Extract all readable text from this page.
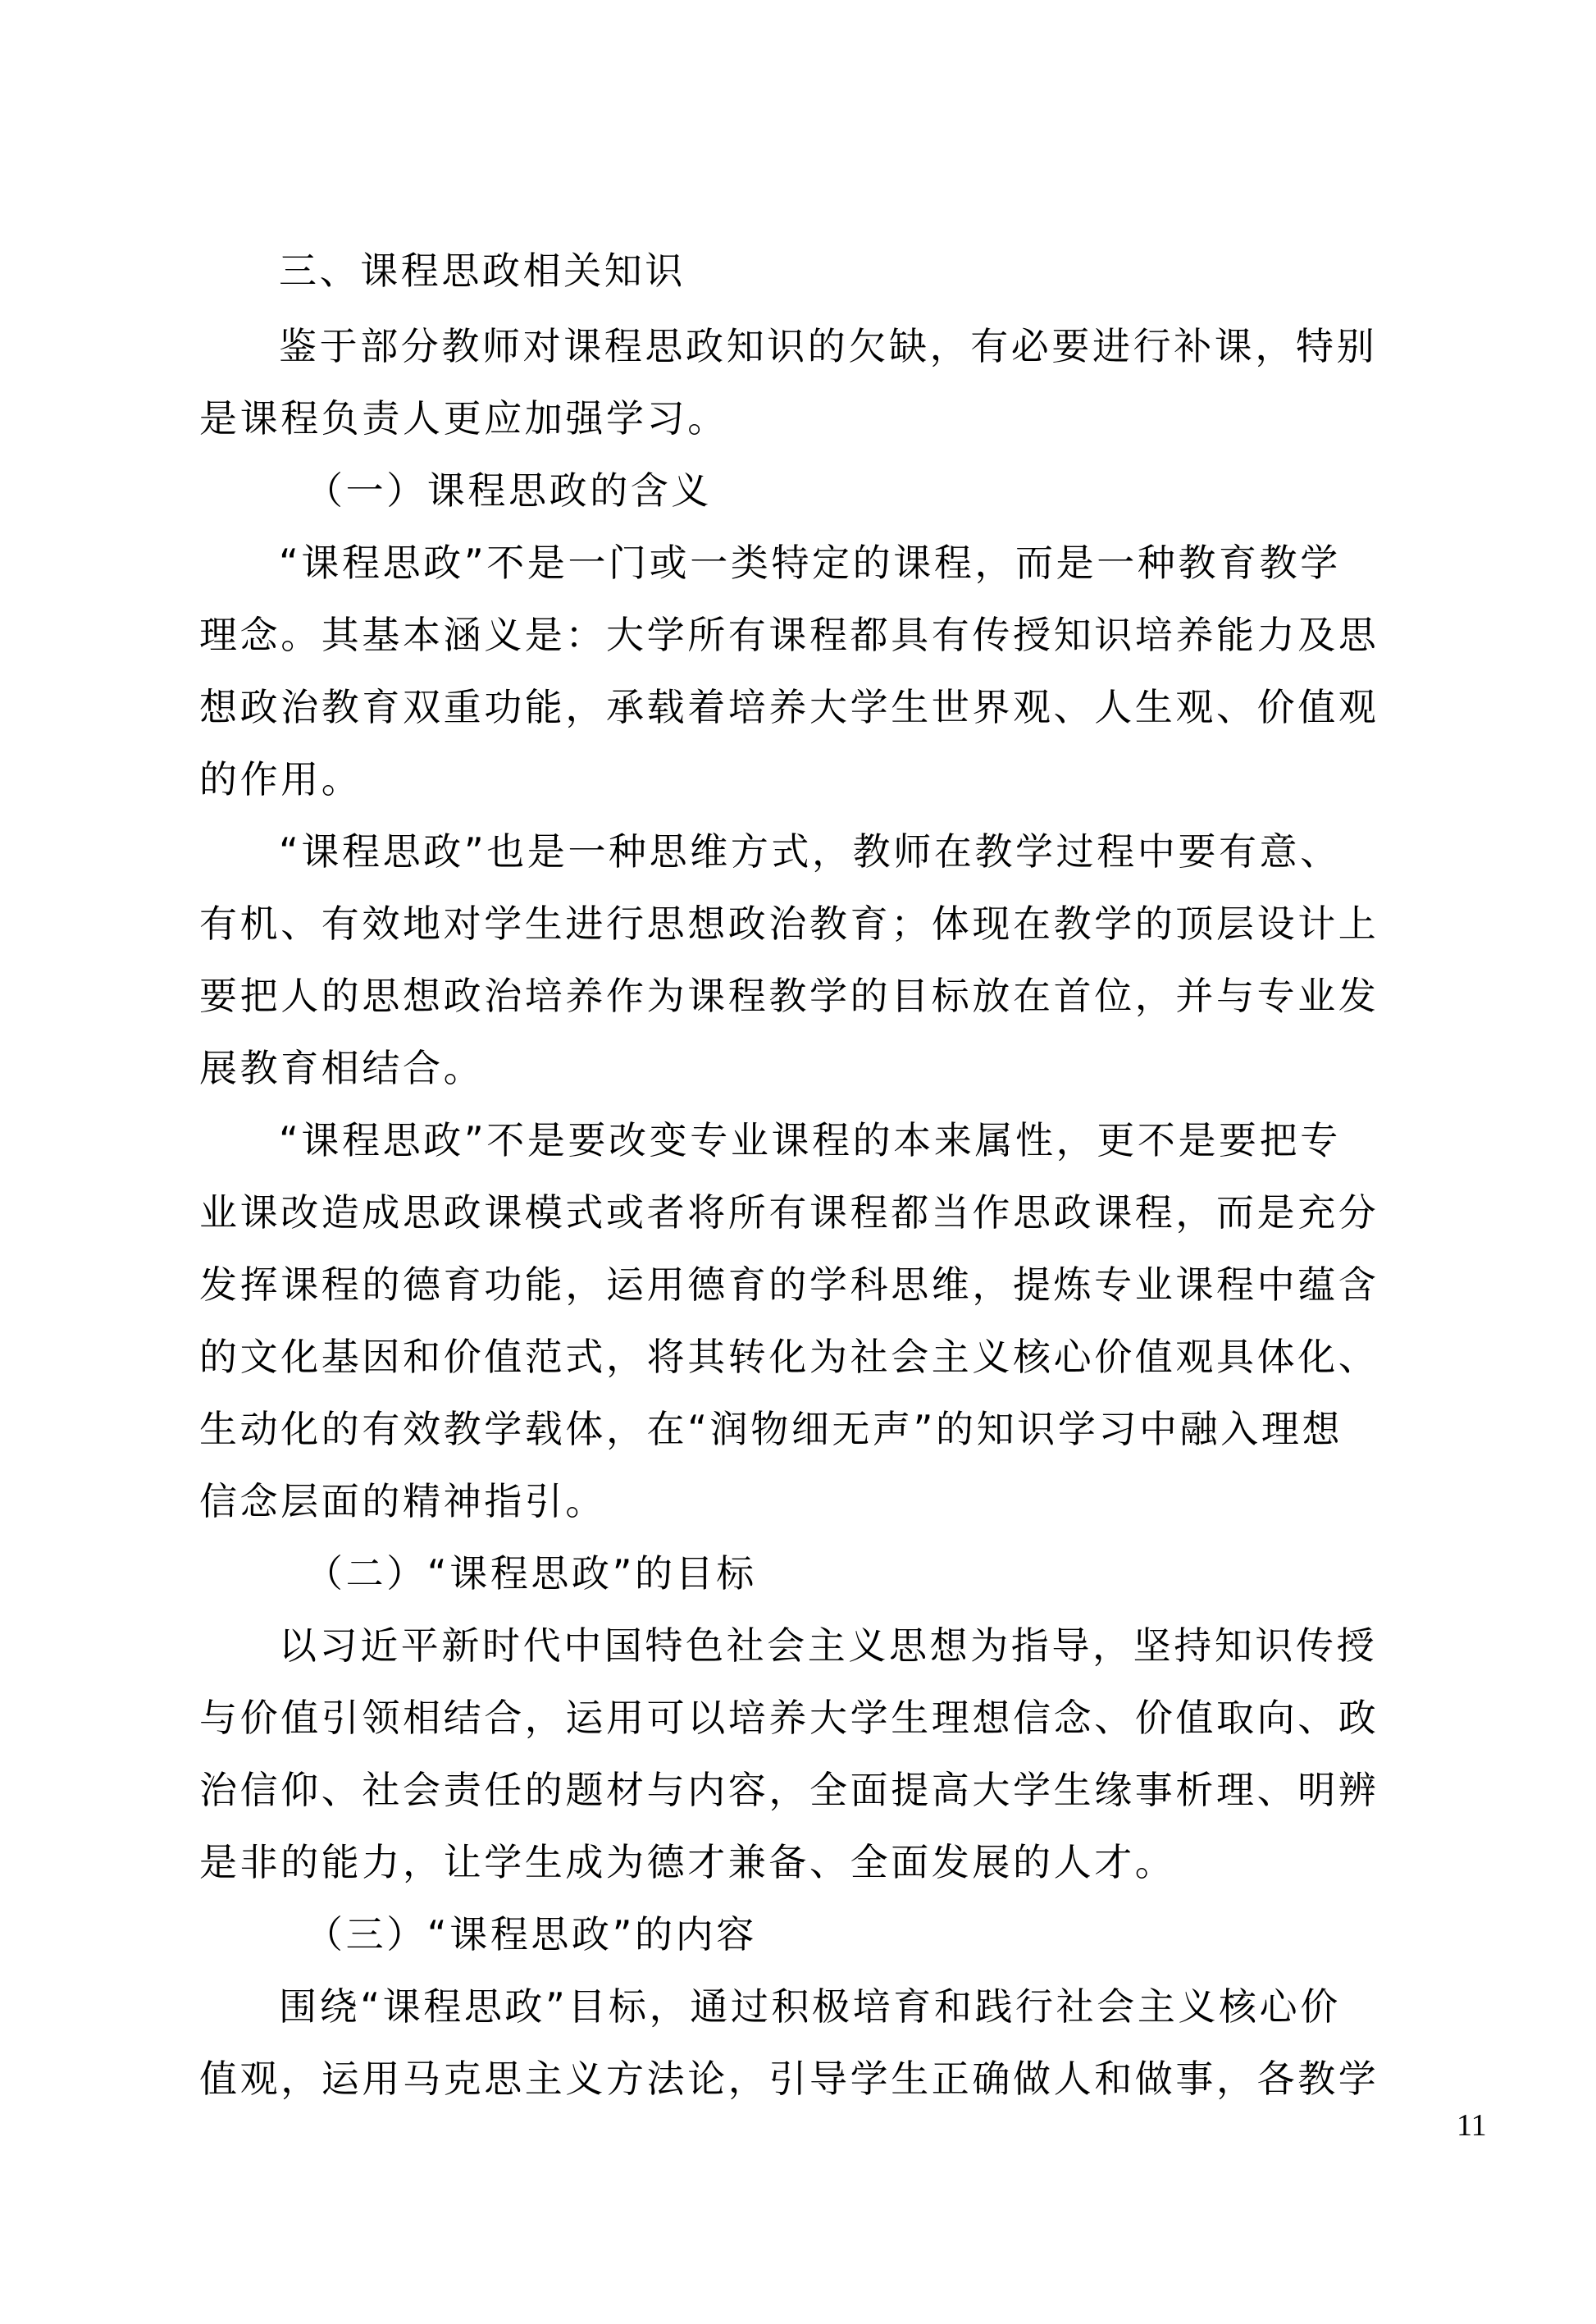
三、课程思政相关知识
鉴于部分教师对课程思政知识的欠缺，有必要进行补课，特别
是课程负责人更应加强学习。
（一）课程思政的含义
“课程思政”不是一门或一类特定的课程，而是一种教育教学
理念。其基本涵义是：大学所有课程都具有传授知识培养能力及思
想政治教育双重功能，承载着培养大学生世界观、人生观、价值观
的作用。
“课程思政”也是一种思维方式，教师在教学过程中要有意、
有机、有效地对学生进行思想政治教育；体现在教学的顶层设计上
要把人的思想政治培养作为课程教学的目标放在首位，并与专业发
展教育相结合。
“课程思政”不是要改变专业课程的本来属性，更不是要把专
业课改造成思政课模式或者将所有课程都当作思政课程，而是充分
发挥课程的德育功能，运用德育的学科思维，提炼专业课程中蕴含
的文化基因和价值范式，将其转化为社会主义核心价值观具体化、
生动化的有效教学载体，在“润物细无声”的知识学习中融入理想
信念层面的精神指引。
（二）“课程思政”的目标
以习近平新时代中国特色社会主义思想为指导，坚持知识传授
与价值引领相结合，运用可以培养大学生理想信念、价值取向、政
治信仰、社会责任的题材与内容，全面提高大学生缘事析理、明辨
是非的能力，让学生成为德才兼备、全面发展的人才。
（三）“课程思政”的内容
围绕“课程思政”目标，通过积极培育和践行社会主义核心价
值观，运用马克思主义方法论，引导学生正确做人和做事，各教学
11
